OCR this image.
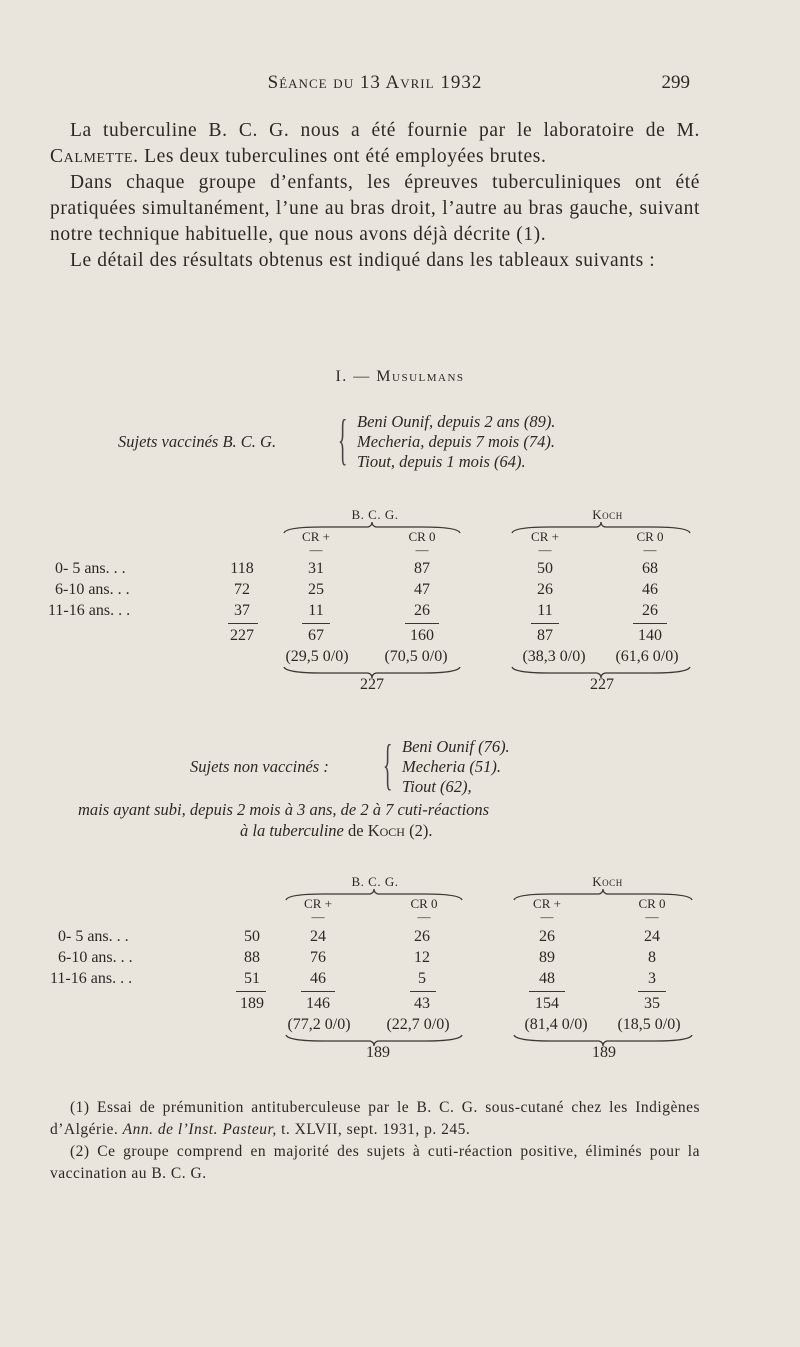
Séance du 13 Avril 1932	299

La tuberculine B. C. G. nous a été fournie par le laboratoire de M. Calmette. Les deux tuberculines ont été employées brutes.

Dans chaque groupe d’enfants, les épreuves tuberculiniques ont été pratiquées simultanément, l’une au bras droit, l’autre au bras gauche, suivant notre technique habituelle, que nous avons déjà décrite (1).

Le détail des résultats obtenus est indiqué dans les tableaux suivants :

I. — Musulmans
Sujets vaccinés B. C. G. { Beni Ounif, depuis 2 ans (89).
Mecheria, depuis 7 mois (74).
Tiout, depuis 1 mois (64).
B. C. G.	Koch
CR +	CR 0	CR +	CR 0
—	—	—	—
0- 5 ans. . .	118	31	87	50	68
6-10 ans. . .	72	25	47	26	46
11-16 ans. . .	37	11	26	11	26
227	67	160	87	140
(29,5 0/0)	(70,5 0/0)	(38,3 0/0)	(61,6 0/0)
227	227
Sujets non vaccinés : { Beni Ounif (76).
Mecheria (51).
Tiout (62),
mais ayant subi, depuis 2 mois à 3 ans, de 2 à 7 cuti-réactions
à la tuberculine de Koch (2).
B. C. G.	Koch
CR +	CR 0	CR +	CR 0
—	—	—	—
0- 5 ans. . .	50	24	26	26	24
6-10 ans. . .	88	76	12	89	8
11-16 ans. . .	51	46	5	48	3
189	146	43	154	35
(77,2 0/0)	(22,7 0/0)	(81,4 0/0)	(18,5 0/0)
189	189

(1) Essai de prémunition antituberculeuse par le B. C. G. sous-cutané chez les Indigènes d’Algérie. Ann. de l’Inst. Pasteur, t. XLVII, sept. 1931, p. 245.

(2) Ce groupe comprend en majorité des sujets à cuti-réaction positive, éliminés pour la vaccination au B. C. G.
